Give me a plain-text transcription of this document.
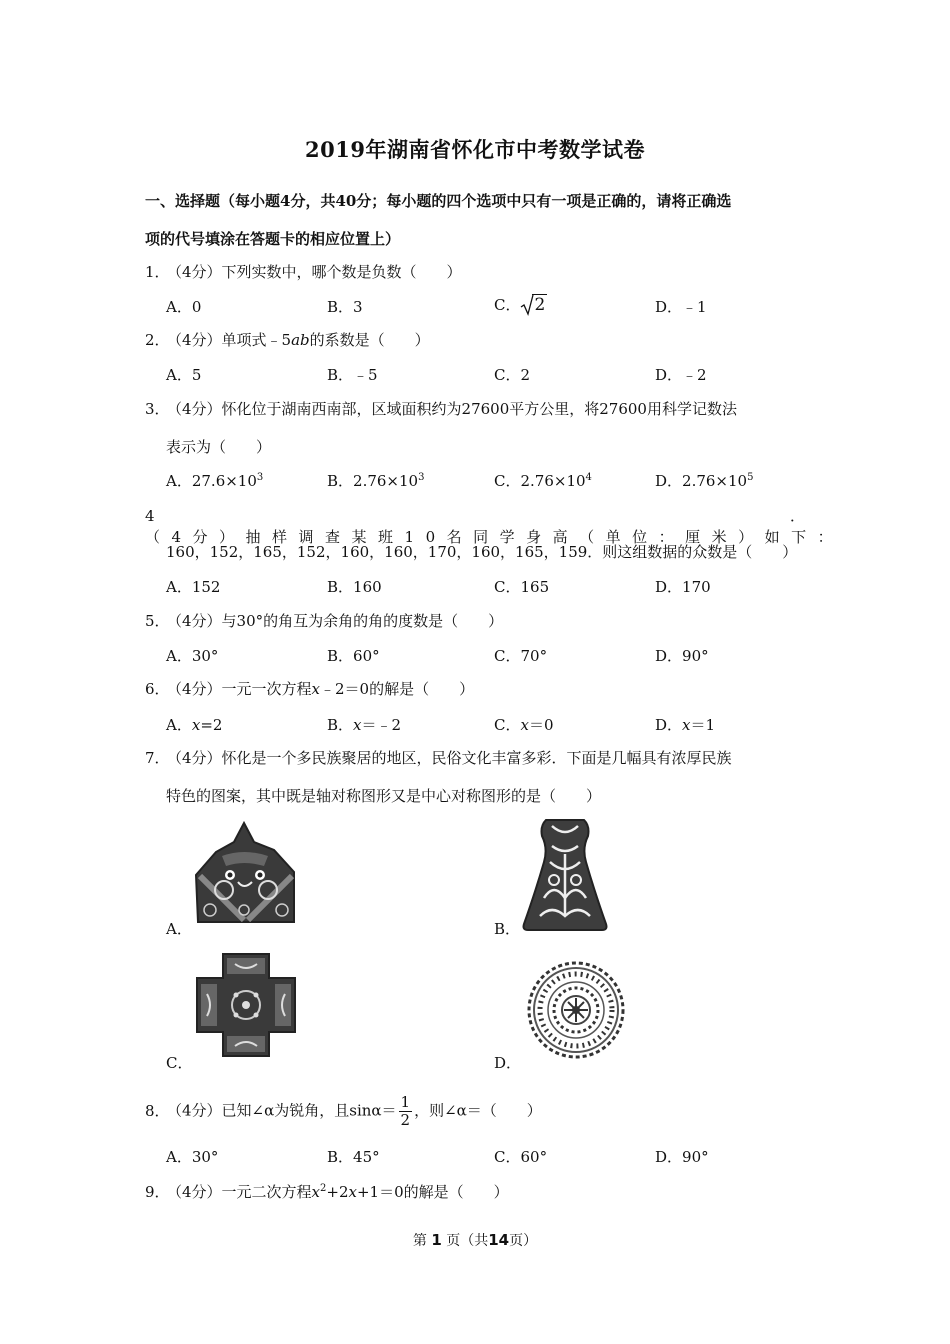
2019年湖南省怀化市中考数学试卷
一、选择题（每小题4分，共40分；每小题的四个选项中只有一项是正确的，请将正确选
项的代号填涂在答题卡的相应位置上）
1．（4分）下列实数中，哪个数是负数（　　）
A．0	B．3	C． 2	D．﹣1
2．（4分）单项式﹣5ab的系数是（　　）
A．5	B．﹣5	C．2	D．﹣2
3．（4分）怀化位于湖南西南部，区域面积约为27600平方公里，将27600用科学记数法
表示为（　　）
A．$27.6\times 10^3$	B．$2.76\times 10^3$	C．$2.76\times 10^4$	D．$2.76\times 10^5$
4． （4分）抽样调查某班10名同学身高（单位：厘米）如下：
160，152，165，152，160，160，170，160，165，159．则这组数据的众数是（　　）
A．152	B．160	C．165	D．170
5．（4分）与30°的角互为余角的角的度数是（　　）
A．30°	B．60°	C．70°	D．90°
6．（4分）一元一次方程x﹣2＝0的解是（　　）
A．x=2	B．x＝﹣2	C．x＝0	D．x＝1
7．（4分）怀化是一个多民族聚居的地区，民俗文化丰富多彩．下面是几幅具有浓厚民族
特色的图案，其中既是轴对称图形又是中心对称图形的是（　　）
A．	B．
C．	D．
8．（4分）已知∠α为锐角，且$\sin\alpha= \frac{1}{2}$ ，则∠α＝（　　）
A．30°	B．45°	C．60°	D．90°
9．（4分）一元二次方程$x^2+2x+1=0$的解是（　　）
第 1 页（共14页）
